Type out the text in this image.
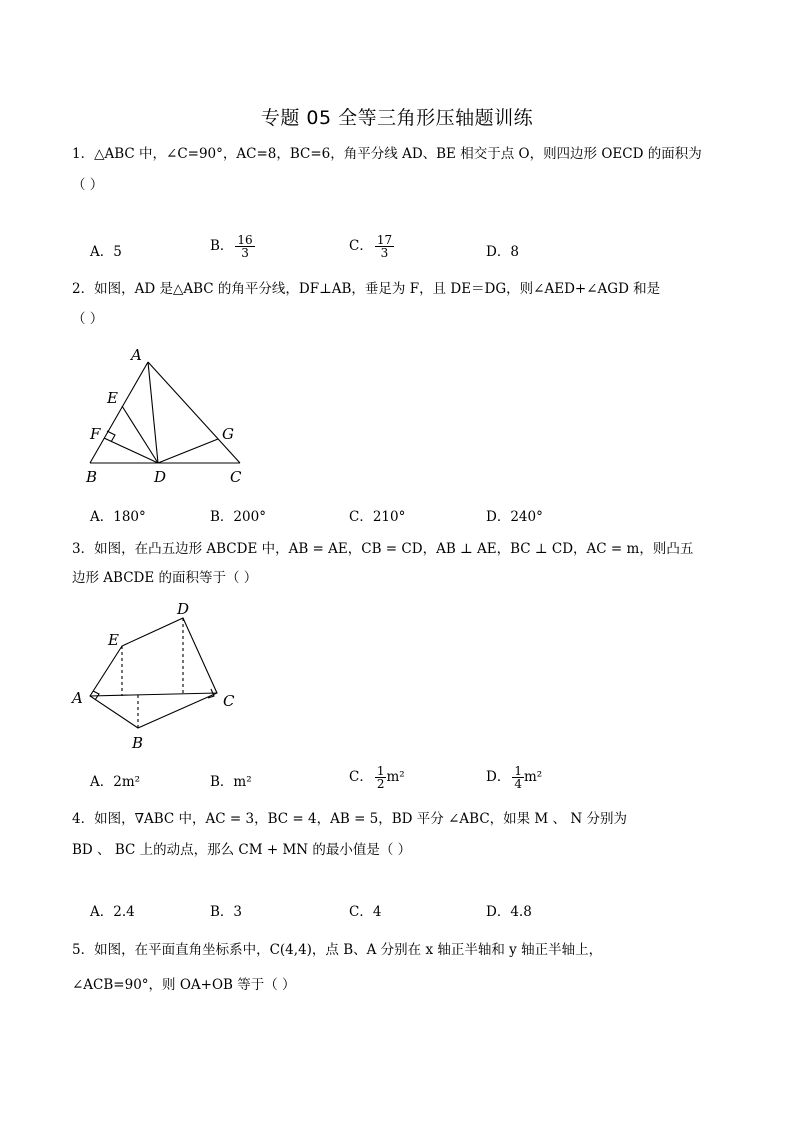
专题 05 全等三角形压轴题训练
1．△ABC 中，∠C=90°，AC=8，BC=6，角平分线 AD、BE 相交于点 O，则四边形 OECD 的面积为
（ ）
A．5	B． $\frac{16}{3}$	C． $\frac{17}{3}$	D．8
2．如图，AD 是△ABC 的角平分线，DF⊥AB，垂足为 F，且 DE＝DG，则∠AED+∠AGD 和是
（ ）
A
E
F	G
B	D	C
A．180°	B．200°	C．210°	D．240°
3．如图，在凸五边形 ABCDE 中，AB = AE，CB = CD，AB ⊥ AE，BC ⊥ CD，AC = m，则凸五
边形 ABCDE 的面积等于（ ）
D
E
A	C
B
A．2m²	B．m²	C． $\frac{1}{2} m^2$	D． $\frac{1}{4} m^2$
4．如图，∇ABC 中，AC = 3，BC = 4，AB = 5，BD 平分 ∠ABC，如果 M 、 N 分别为
BD 、 BC 上的动点，那么 CM + MN 的最小值是（ ）
A．2.4	B．3	C．4	D．4.8
5．如图，在平面直角坐标系中，C(4,4)，点 B、A 分别在 x 轴正半轴和 y 轴正半轴上，
∠ACB=90°，则 OA+OB 等于（ ）
